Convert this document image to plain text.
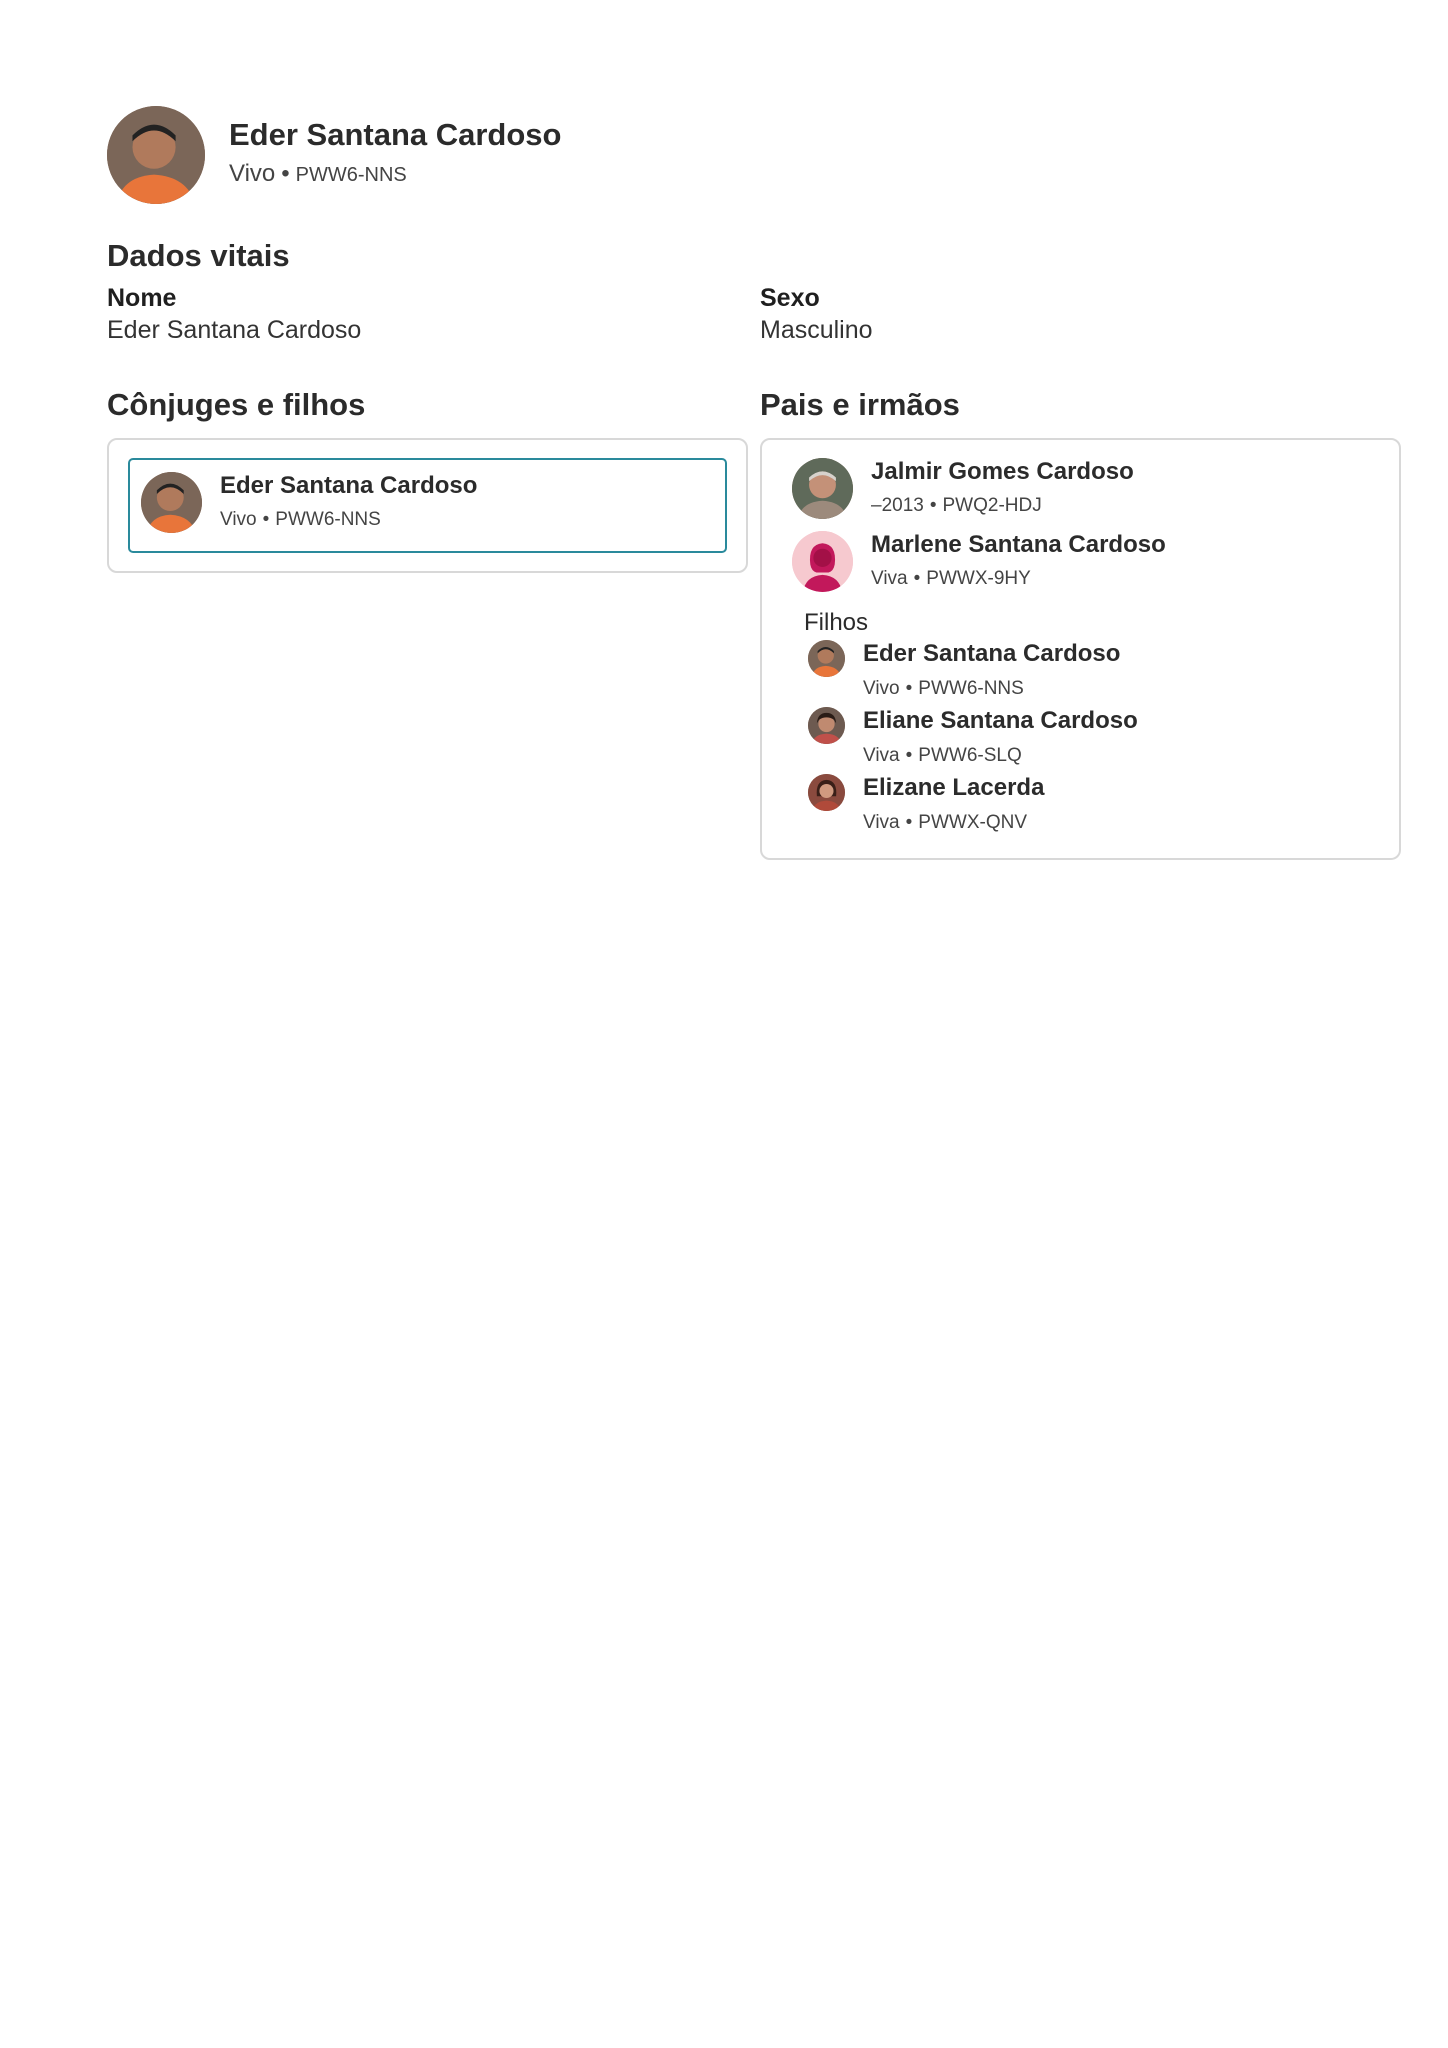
Eder Santana Cardoso
Vivo • PWW6-NNS
Dados vitais
Nome
Eder Santana Cardoso
Sexo
Masculino
Cônjuges e filhos
Eder Santana Cardoso
Vivo • PWW6-NNS
Pais e irmãos
Jalmir Gomes Cardoso
–2013 • PWQ2-HDJ
Marlene Santana Cardoso
Viva • PWWX-9HY
Filhos
Eder Santana Cardoso
Vivo • PWW6-NNS
Eliane Santana Cardoso
Viva • PWW6-SLQ
Elizane Lacerda
Viva • PWWX-QNV
